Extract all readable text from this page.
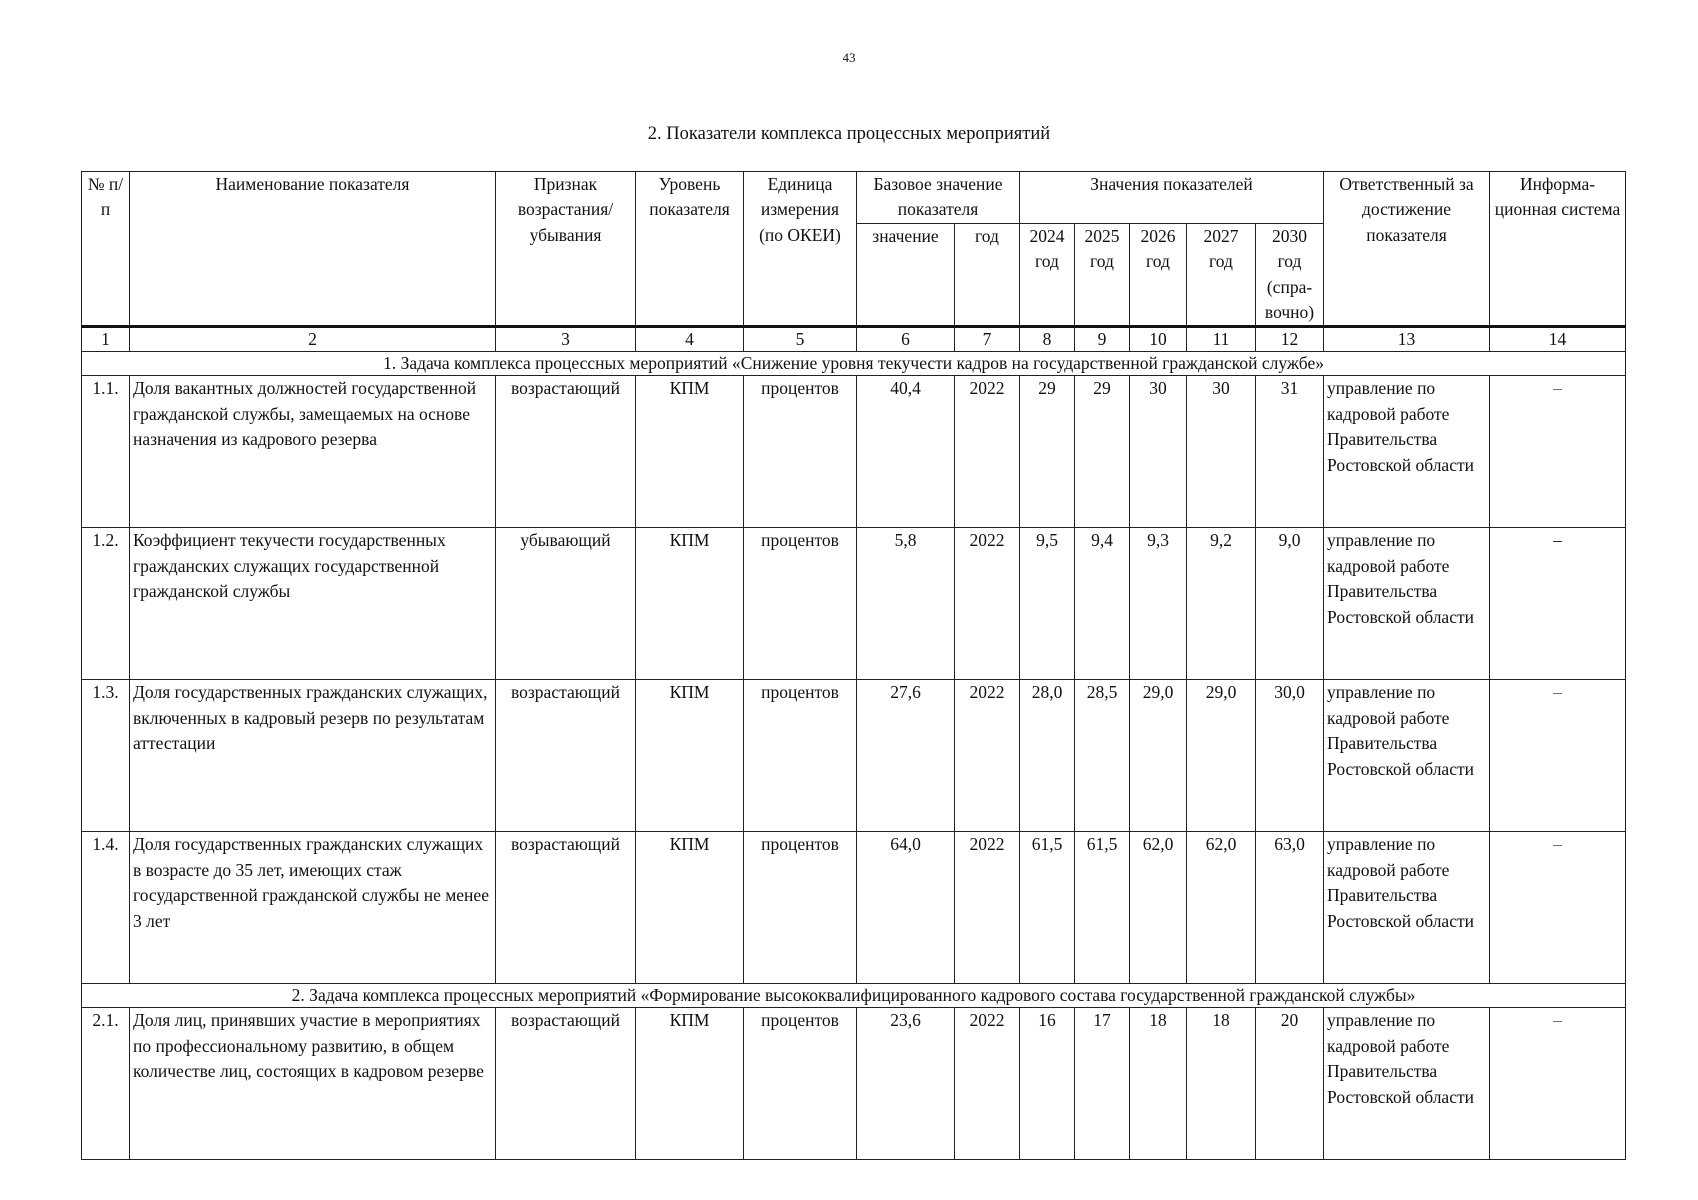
43
2. Показатели комплекса процессных мероприятий
№ п/п	Наименование показателя	Признак возрастания/ убывания	Уровень показателя	Единица измерения (по ОКЕИ)	Базовое значение показателя		Значения показателей					Ответственный за достижение показателя	Информа-ционная система
					значение	год	2024 год	2025 год	2026 год	2027 год	2030 год (спра-вочно)		
1	2	3	4	5	6	7	8	9	10	11	12	13	14
1. Задача комплекса процессных мероприятий «Снижение уровня текучести кадров на государственной гражданской службе»													
1.1.	Доля вакантных должностей государственной гражданской службы, замещаемых на основе назначения из кадрового резерва	возрастающий	КПМ	процентов	40,4	2022	29	29	30	30	31	управление по кадровой работе Правительства Ростовской области	–
1.2.	Коэффициент текучести государственных гражданских служащих государственной гражданской службы	убывающий	КПМ	процентов	5,8	2022	9,5	9,4	9,3	9,2	9,0	управление по кадровой работе Правительства Ростовской области	–
1.3.	Доля государственных гражданских служащих, включенных в кадровый резерв по результатам аттестации	возрастающий	КПМ	процентов	27,6	2022	28,0	28,5	29,0	29,0	30,0	управление по кадровой работе Правительства Ростовской области	–
1.4.	Доля государственных гражданских служащих в возрасте до 35 лет, имеющих стаж государственной гражданской службы не менее 3 лет	возрастающий	КПМ	процентов	64,0	2022	61,5	61,5	62,0	62,0	63,0	управление по кадровой работе Правительства Ростовской области	–
2. Задача комплекса процессных мероприятий «Формирование высококвалифицированного кадрового состава государственной гражданской службы»													
2.1.	Доля лиц, принявших участие в мероприятиях по профессиональному развитию, в общем количестве лиц, состоящих в кадровом резерве	возрастающий	КПМ	процентов	23,6	2022	16	17	18	18	20	управление по кадровой работе Правительства Ростовской области	–
